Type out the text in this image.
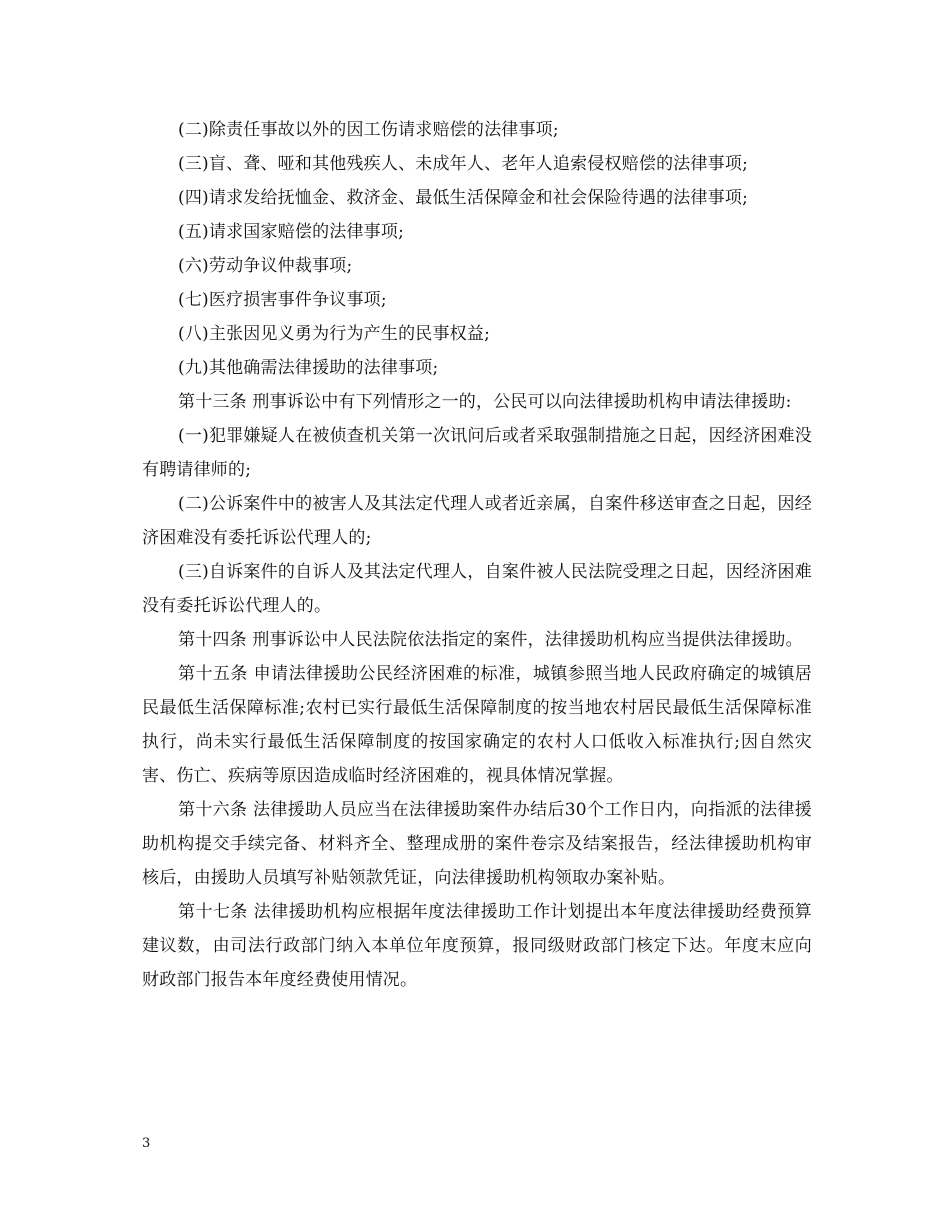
(二)除责任事故以外的因工伤请求赔偿的法律事项;

(三)盲、聋、哑和其他残疾人、未成年人、老年人追索侵权赔偿的法律事项;

(四)请求发给抚恤金、救济金、最低生活保障金和社会保险待遇的法律事项;

(五)请求国家赔偿的法律事项;

(六)劳动争议仲裁事项;

(七)医疗损害事件争议事项;

(八)主张因见义勇为行为产生的民事权益;

(九)其他确需法律援助的法律事项;

第十三条 刑事诉讼中有下列情形之一的，公民可以向法律援助机构申请法律援助:

(一)犯罪嫌疑人在被侦查机关第一次讯问后或者采取强制措施之日起，因经济困难没有聘请律师的;

(二)公诉案件中的被害人及其法定代理人或者近亲属，自案件移送审查之日起，因经济困难没有委托诉讼代理人的;

(三)自诉案件的自诉人及其法定代理人，自案件被人民法院受理之日起，因经济困难没有委托诉讼代理人的。

第十四条 刑事诉讼中人民法院依法指定的案件，法律援助机构应当提供法律援助。

第十五条 申请法律援助公民经济困难的标准，城镇参照当地人民政府确定的城镇居民最低生活保障标准;农村已实行最低生活保障制度的按当地农村居民最低生活保障标准执行，尚未实行最低生活保障制度的按国家确定的农村人口低收入标准执行;因自然灾害、伤亡、疾病等原因造成临时经济困难的，视具体情况掌握。

第十六条 法律援助人员应当在法律援助案件办结后30个工作日内，向指派的法律援助机构提交手续完备、材料齐全、整理成册的案件卷宗及结案报告，经法律援助机构审核后，由援助人员填写补贴领款凭证，向法律援助机构领取办案补贴。

第十七条 法律援助机构应根据年度法律援助工作计划提出本年度法律援助经费预算建议数，由司法行政部门纳入本单位年度预算，报同级财政部门核定下达。年度末应向财政部门报告本年度经费使用情况。

3
